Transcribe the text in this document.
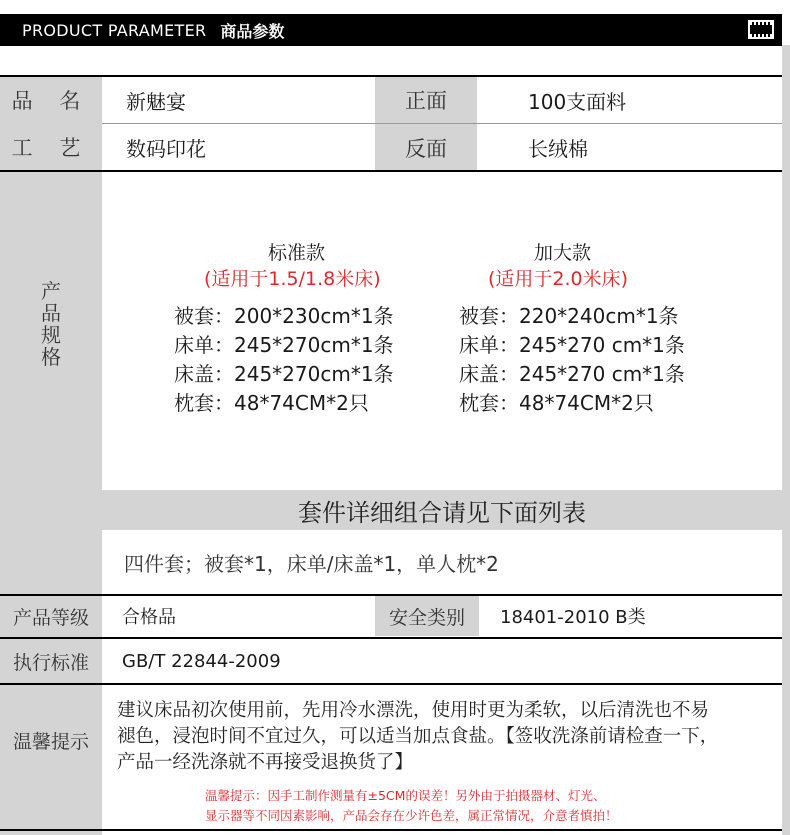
PRODUCT PARAMETER 商品参数
品 名 新魅宴	正面	100支面料
工 艺 数码印花	反面	长绒棉
产
品
规
格
标准款
(适用于1.5/1.8米床)
被套：200*230cm*1条
床单：245*270cm*1条
床盖：245*270cm*1条
枕套：48*74CM*2只
加大款
(适用于2.0米床)
被套：220*240cm*1条
床单：245*270 cm*1条
床盖：245*270 cm*1条
枕套：48*74CM*2只
套件详细组合请见下面列表
四件套；被套*1，床单/床盖*1，单人枕*2
产品等级 合格品	安全类别 18401-2010 B类
执行标准 GB/T 22844-2009
温馨提示
建议床品初次使用前，先用冷水漂洗，使用时更为柔软，以后清洗也不易
褪色，浸泡时间不宜过久，可以适当加点食盐。【签收洗涤前请检查一下，
产品一经洗涤就不再接受退换货了】
温馨提示：因手工制作测量有±5CM的误差！另外由于拍摄器材、灯光、
显示器等不同因素影响，产品会存在少许色差，属正常情况，介意者慎拍！
